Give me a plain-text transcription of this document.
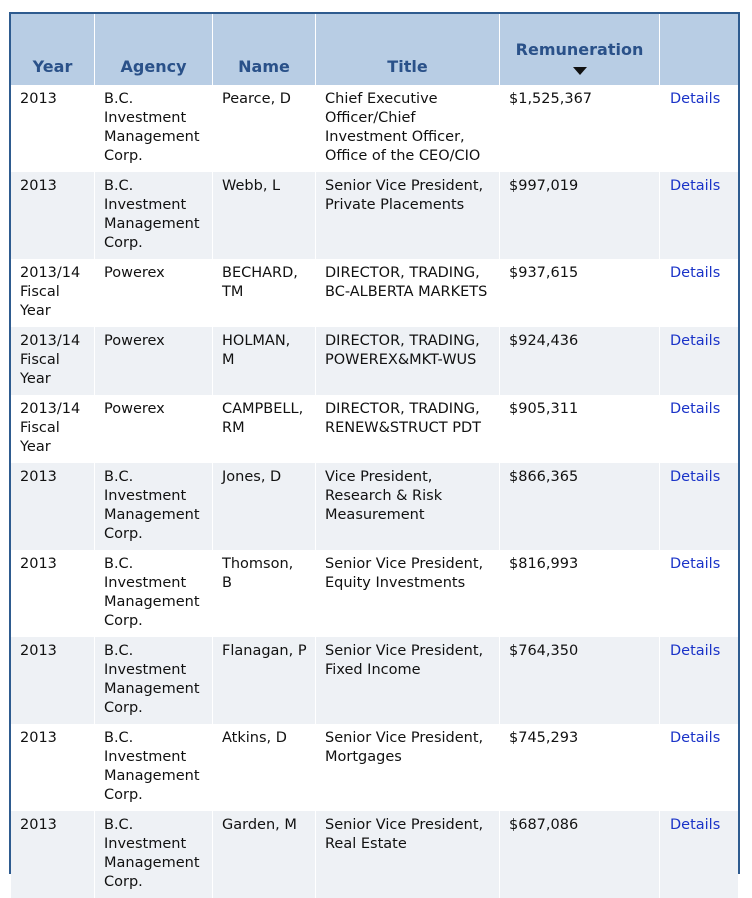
Year	Agency	Name	Title	Remuneration	

2013	B.C. Investment Management Corp.	Pearce, D	Chief Executive Officer/Chief Investment Officer, Office of the CEO/CIO	$1,525,367	Details
2013	B.C. Investment Management Corp.	Webb, L	Senior Vice President, Private Placements	$997,019	Details
2013/14 Fiscal Year	Powerex	BECHARD, TM	DIRECTOR, TRADING, BC-ALBERTA MARKETS	$937,615	Details
2013/14 Fiscal Year	Powerex	HOLMAN, M	DIRECTOR, TRADING, POWEREX&MKT-WUS	$924,436	Details
2013/14 Fiscal Year	Powerex	CAMPBELL, RM	DIRECTOR, TRADING, RENEW&STRUCT PDT	$905,311	Details
2013	B.C. Investment Management Corp.	Jones, D	Vice President, Research & Risk Measurement	$866,365	Details
2013	B.C. Investment Management Corp.	Thomson, B	Senior Vice President, Equity Investments	$816,993	Details
2013	B.C. Investment Management Corp.	Flanagan, P	Senior Vice President, Fixed Income	$764,350	Details
2013	B.C. Investment Management Corp.	Atkins, D	Senior Vice President, Mortgages	$745,293	Details
2013	B.C. Investment Management Corp.	Garden, M	Senior Vice President, Real Estate	$687,086	Details
